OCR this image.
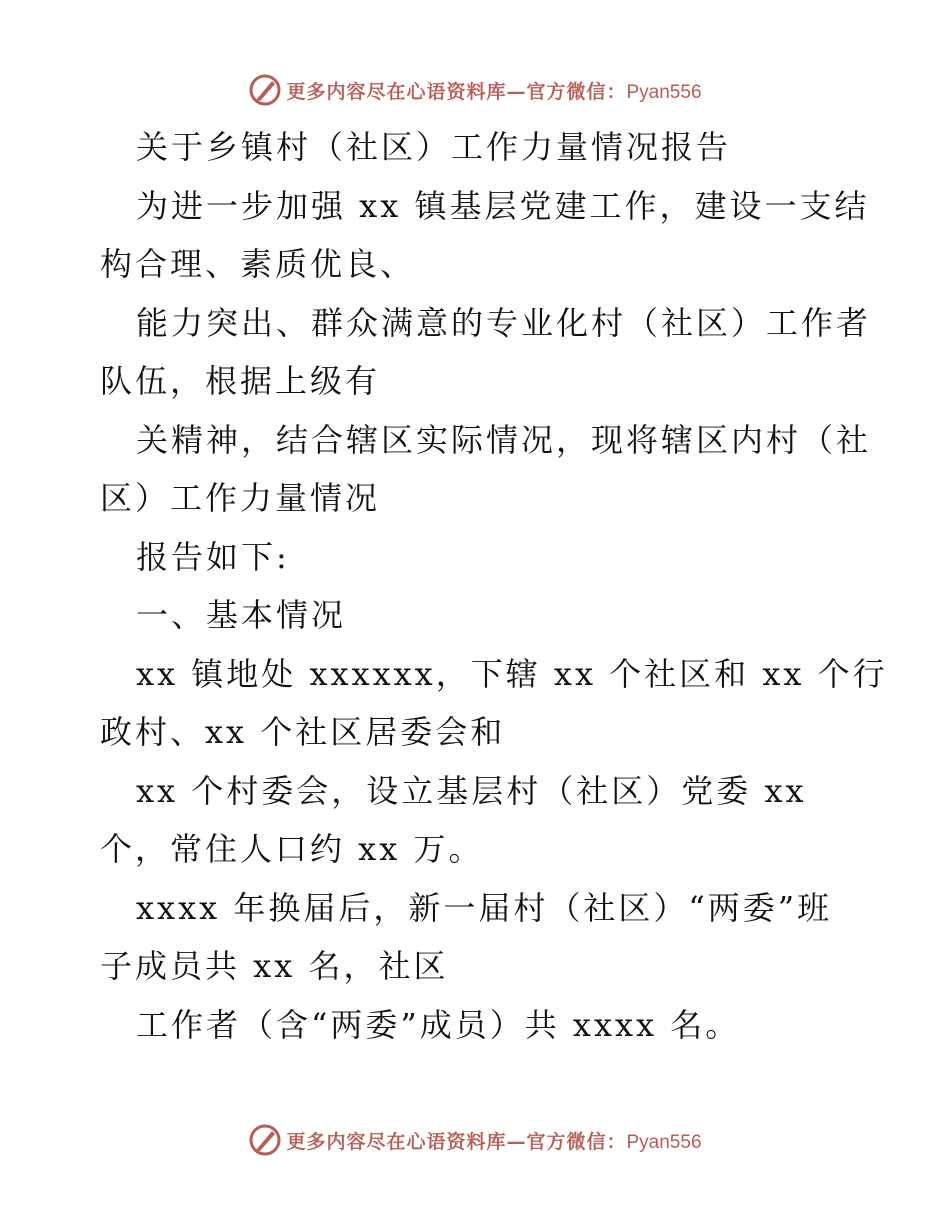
更多内容尽在心语资料库—官方微信：Pyan556
关于乡镇村（社区）工作力量情况报告
为进一步加强 xx 镇基层党建工作，建设一支结
构合理、素质优良、
能力突出、群众满意的专业化村（社区）工作者
队伍，根据上级有
关精神，结合辖区实际情况，现将辖区内村（社
区）工作力量情况
报告如下:
一、基本情况
xx 镇地处 xxxxxx，下辖 xx 个社区和 xx 个行
政村、xx 个社区居委会和
xx 个村委会，设立基层村（社区）党委 xx
个，常住人口约 xx 万。
xxxx 年换届后，新一届村（社区）“两委”班
子成员共 xx 名，社区
工作者（含“两委”成员）共 xxxx 名。
更多内容尽在心语资料库—官方微信：Pyan556
